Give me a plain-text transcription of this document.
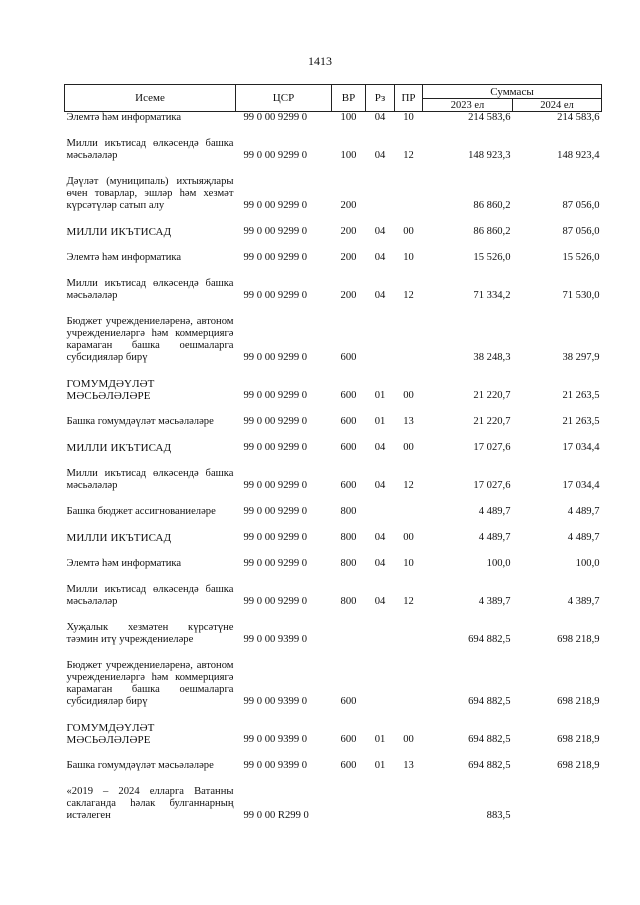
1413
Исеме	ЦСР	ВР	Рз	ПР	Суммасы	
					2023 ел	2024 ел
Элемтә һәм информатика	99 0 00 9299 0	100	04	10	214 583,6	214 583,6

Милли икътисад өлкәсендә башка мәсьәләләр	99 0 00 9299 0	100	04	12	148 923,3	148 923,4

Дәүләт (муниципаль) ихтыяҗлары өчен товарлар, эшләр һәм хезмәт күрсәтүләр сатып алу	99 0 00 9299 0	200			86 860,2	87 056,0

МИЛЛИ ИКЪТИСАД	99 0 00 9299 0	200	04	00	86 860,2	87 056,0

Элемтә һәм информатика	99 0 00 9299 0	200	04	10	15 526,0	15 526,0

Милли икътисад өлкәсендә башка мәсьәләләр	99 0 00 9299 0	200	04	12	71 334,2	71 530,0

Бюджет учреждениеләренә, автоном учреждениеләргә һәм коммерциягә карамаган башка оешмаларга субсидияләр бирү	99 0 00 9299 0	600			38 248,3	38 297,9

ГОМУМДӘҮЛӘТ МӘСЬӘЛӘЛӘРЕ	99 0 00 9299 0	600	01	00	21 220,7	21 263,5

Башка гомумдәүләт мәсьәләләре	99 0 00 9299 0	600	01	13	21 220,7	21 263,5

МИЛЛИ ИКЪТИСАД	99 0 00 9299 0	600	04	00	17 027,6	17 034,4

Милли икътисад өлкәсендә башка мәсьәләләр	99 0 00 9299 0	600	04	12	17 027,6	17 034,4

Башка бюджет ассигнованиеләре	99 0 00 9299 0	800			4 489,7	4 489,7

МИЛЛИ ИКЪТИСАД	99 0 00 9299 0	800	04	00	4 489,7	4 489,7

Элемтә һәм информатика	99 0 00 9299 0	800	04	10	100,0	100,0

Милли икътисад өлкәсендә башка мәсьәләләр	99 0 00 9299 0	800	04	12	4 389,7	4 389,7

Хуҗалык хезмәтен күрсәтүне тәэмин итү учреждениеләре	99 0 00 9399 0				694 882,5	698 218,9

Бюджет учреждениеләренә, автоном учреждениеләргә һәм коммерциягә карамаган башка оешмаларга субсидияләр бирү	99 0 00 9399 0	600			694 882,5	698 218,9

ГОМУМДӘҮЛӘТ МӘСЬӘЛӘЛӘРЕ	99 0 00 9399 0	600	01	00	694 882,5	698 218,9

Башка гомумдәүләт мәсьәләләре	99 0 00 9399 0	600	01	13	694 882,5	698 218,9

«2019 – 2024 елларга Ватанны саклаганда һәлак булганнарның истәлеген	99 0 00 R299 0				883,5	
